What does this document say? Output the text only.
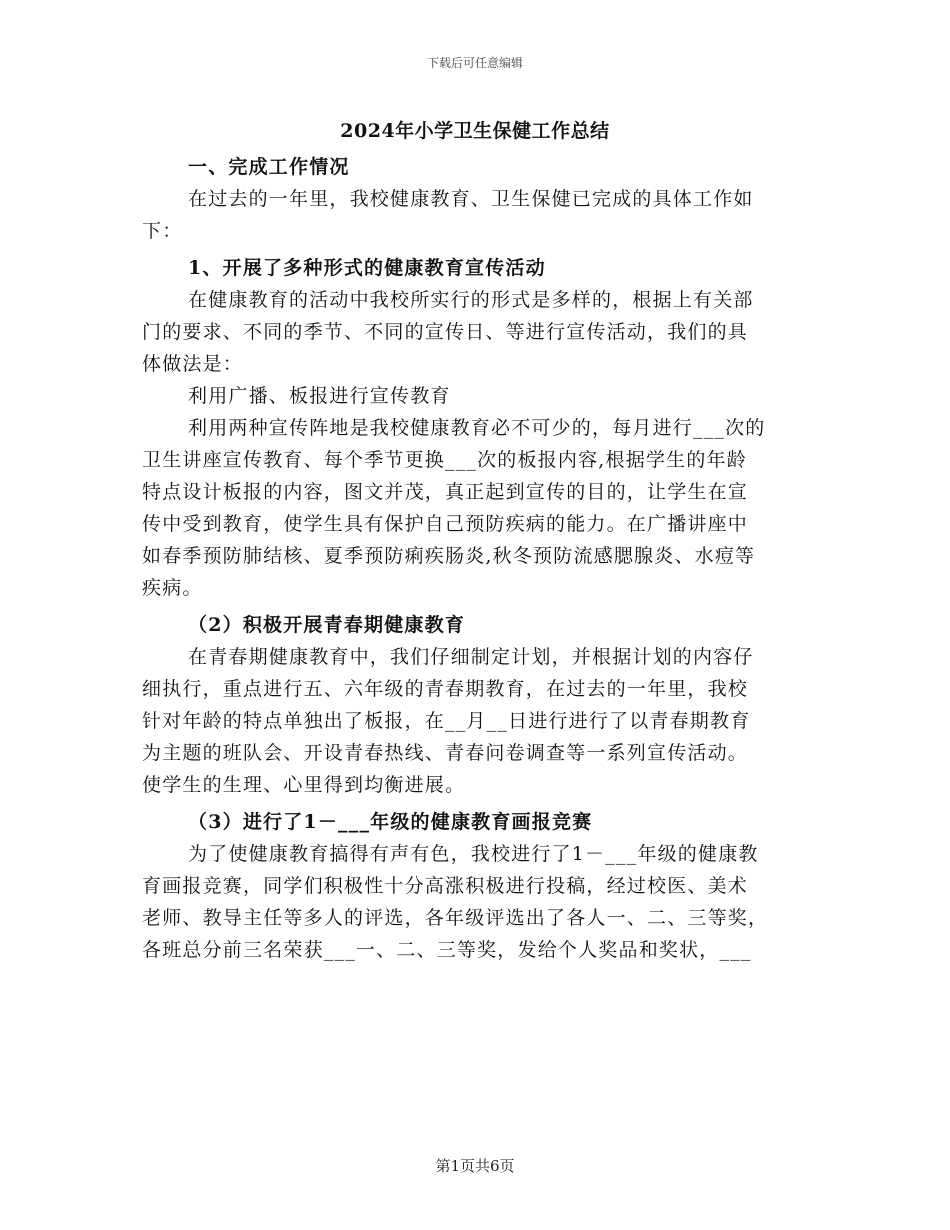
下载后可任意编辑
2024年小学卫生保健工作总结
一、完成工作情况
在过去的一年里，我校健康教育、卫生保健已完成的具体工作如
下：
1、开展了多种形式的健康教育宣传活动
在健康教育的活动中我校所实行的形式是多样的，根据上有关部
门的要求、不同的季节、不同的宣传日、等进行宣传活动，我们的具
体做法是：
利用广播、板报进行宣传教育
利用两种宣传阵地是我校健康教育必不可少的，每月进行___次的
卫生讲座宣传教育、每个季节更换___次的板报内容,根据学生的年龄
特点设计板报的内容，图文并茂，真正起到宣传的目的，让学生在宣
传中受到教育，使学生具有保护自己预防疾病的能力。在广播讲座中
如春季预防肺结核、夏季预防痢疾肠炎,秋冬预防流感腮腺炎、水痘等
疾病。
（2）积极开展青春期健康教育
在青春期健康教育中，我们仔细制定计划，并根据计划的内容仔
细执行，重点进行五、六年级的青春期教育，在过去的一年里，我校
针对年龄的特点单独出了板报，在__月__日进行进行了以青春期教育
为主题的班队会、开设青春热线、青春问卷调查等一系列宣传活动。
使学生的生理、心里得到均衡进展。
（3）进行了1－___年级的健康教育画报竞赛
为了使健康教育搞得有声有色，我校进行了1－___年级的健康教
育画报竞赛，同学们积极性十分高涨积极进行投稿，经过校医、美术
老师、教导主任等多人的评选，各年级评选出了各人一、二、三等奖，
各班总分前三名荣获___一、二、三等奖，发给个人奖品和奖状，___
第1页共6页
